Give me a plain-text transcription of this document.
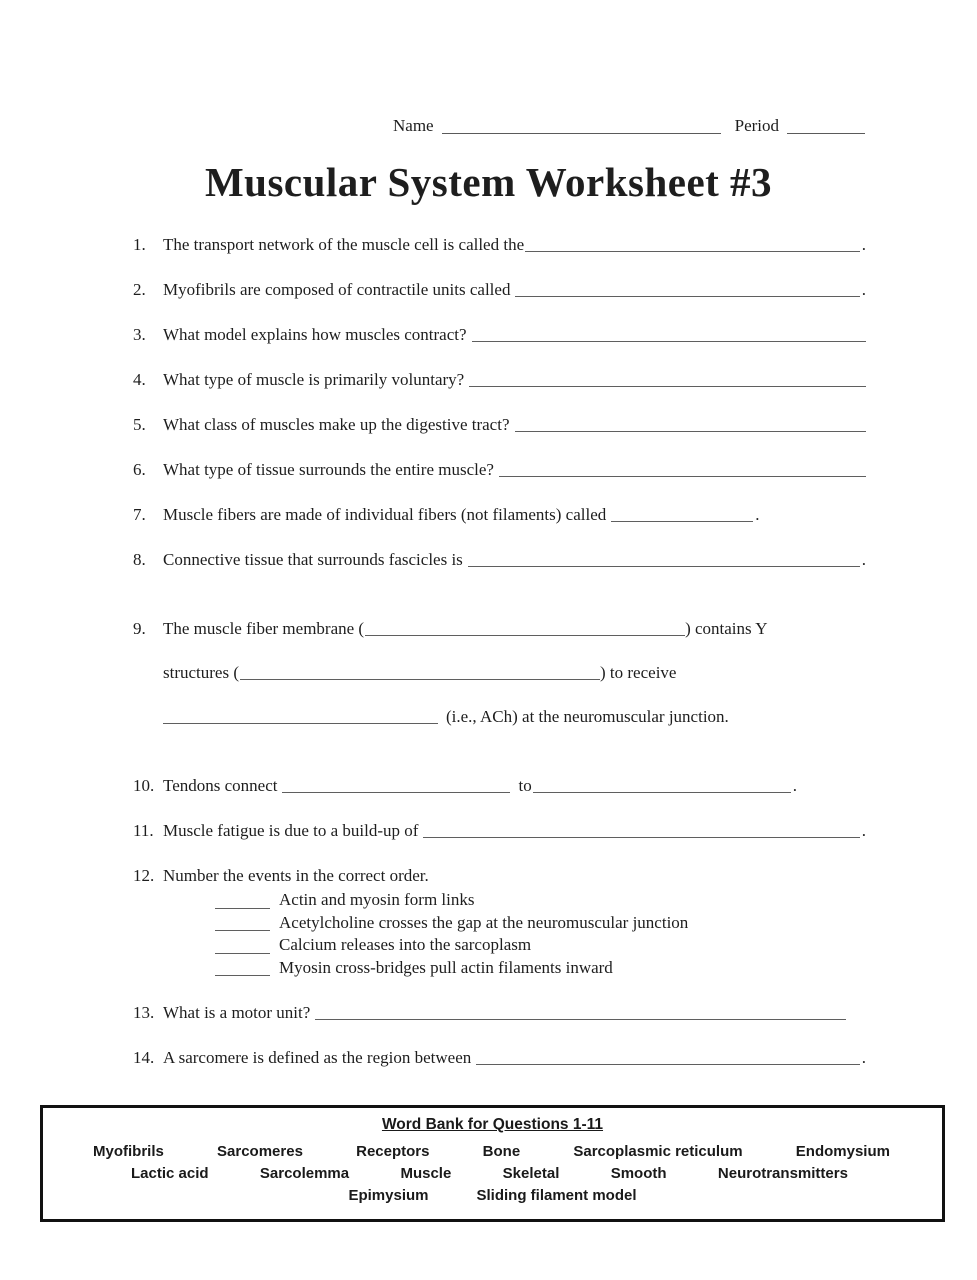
Name	Period
Muscular System Worksheet #3
1. The transport network of the muscle cell is called the	.
2. Myofibrils are composed of contractile units called	.
3. What model explains how muscles contract?
4. What type of muscle is primarily voluntary?
5. What class of muscles make up the digestive tract?
6. What type of tissue surrounds the entire muscle?
7. Muscle fibers are made of individual fibers (not filaments) called	.
8. Connective tissue that surrounds fascicles is	.
9. The muscle fiber membrane (	) contains Y
structures (	) to receive
(i.e., ACh) at the neuromuscular junction.
10. Tendons connect	to	.
11. Muscle fatigue is due to a build-up of	.
12. Number the events in the correct order.
Actin and myosin form links
Acetylcholine crosses the gap at the neuromuscular junction
Calcium releases into the sarcoplasm
Myosin cross-bridges pull actin filaments inward
13. What is a motor unit?
14. A sarcomere is defined as the region between	.
Word Bank for Questions 1-11
Myofibrils	Sarcomeres	Receptors	Bone	Sarcoplasmic reticulum	Endomysium
Lactic acid	Sarcolemma	Muscle	Skeletal	Smooth	Neurotransmitters
Epimysium	Sliding filament model
